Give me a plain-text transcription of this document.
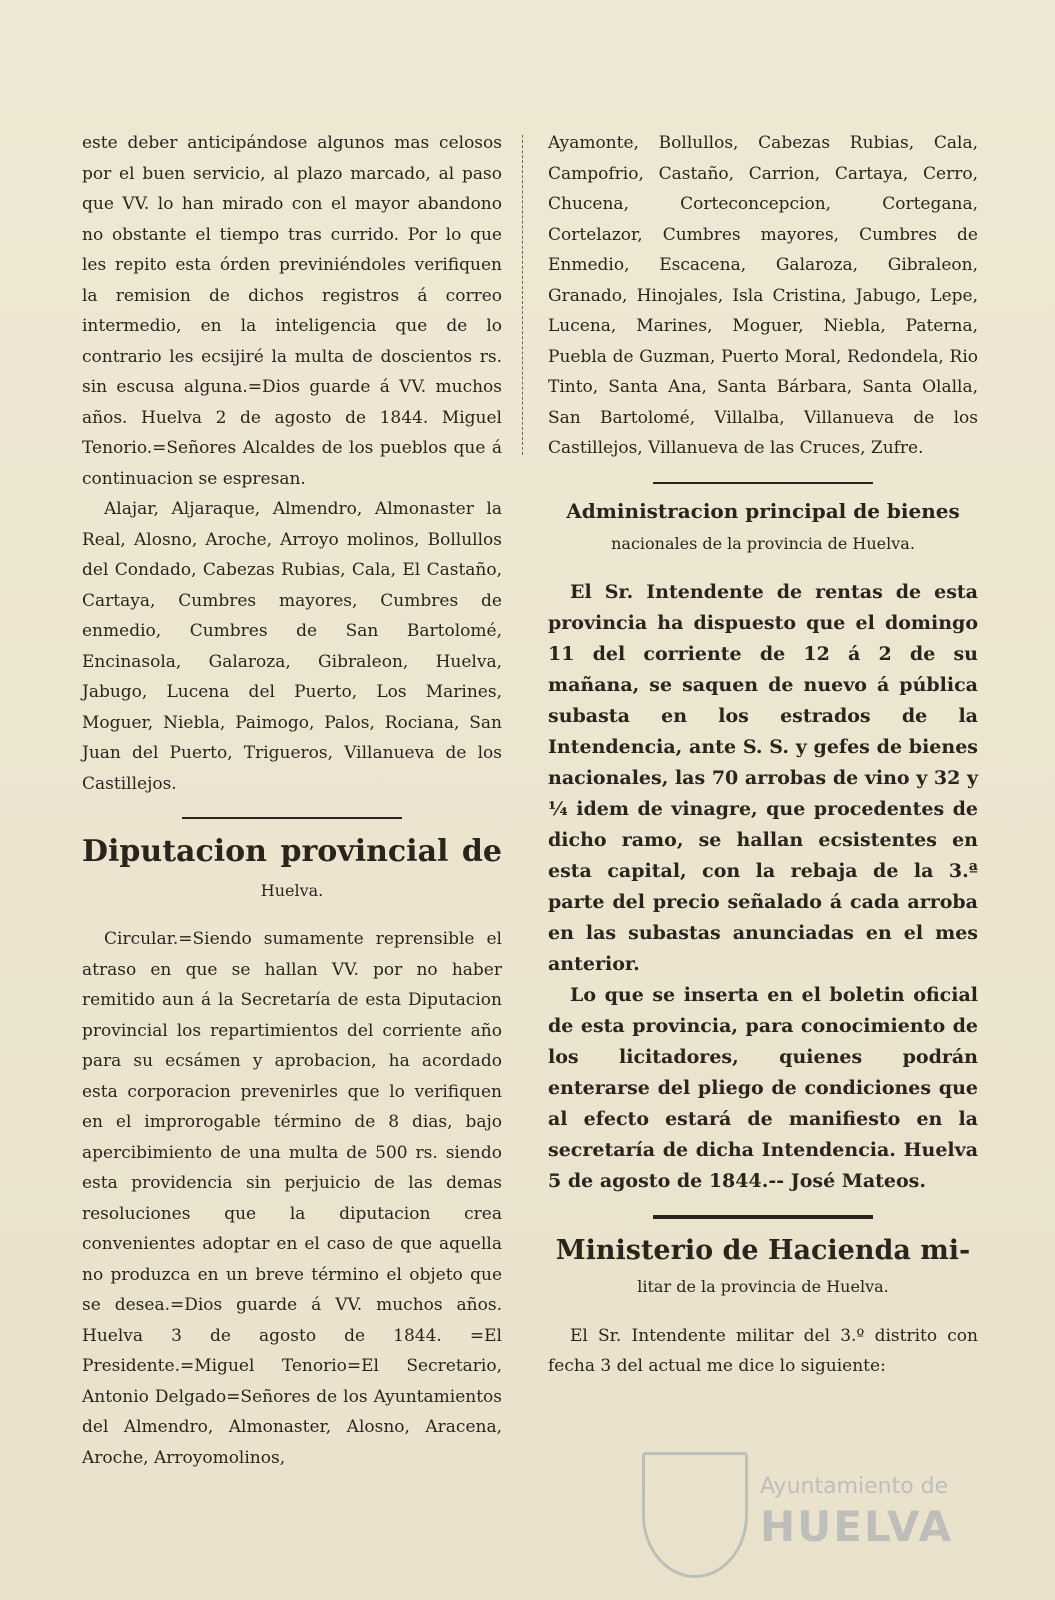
este deber anticipándose algunos mas celosos por el buen servicio, al plazo marcado, al paso que VV. lo han mirado con el mayor abandono no obstante el tiempo tras currido. Por lo que les repito esta órden previniéndoles verifiquen la remision de dichos registros á correo intermedio, en la inteligencia que de lo contrario les ecsijiré la multa de doscientos rs. sin escusa alguna.=Dios guarde á VV. muchos años. Huelva 2 de agosto de 1844. Miguel Tenorio.=Señores Alcaldes de los pueblos que á continuacion se espresan.

Alajar, Aljaraque, Almendro, Almonaster la Real, Alosno, Aroche, Arroyo molinos, Bollullos del Condado, Cabezas Rubias, Cala, El Castaño, Cartaya, Cumbres mayores, Cumbres de enmedio, Cumbres de San Bartolomé, Encinasola, Galaroza, Gibraleon, Huelva, Jabugo, Lucena del Puerto, Los Marines, Moguer, Niebla, Paimogo, Palos, Rociana, San Juan del Puerto, Trigueros, Villanueva de los Castillejos.

Diputacion provincial de
Huelva.

Circular.=Siendo sumamente reprensible el atraso en que se hallan VV. por no haber remitido aun á la Secretaría de esta Diputacion provincial los repartimientos del corriente año para su ecsámen y aprobacion, ha acordado esta corporacion prevenirles que lo verifiquen en el improrogable término de 8 dias, bajo apercibimiento de una multa de 500 rs. siendo esta providencia sin perjuicio de las demas resoluciones que la diputacion crea convenientes adoptar en el caso de que aquella no produzca en un breve término el objeto que se desea.=Dios guarde á VV. muchos años. Huelva 3 de agosto de 1844. =El Presidente.=Miguel Tenorio=El Secretario, Antonio Delgado=Señores de los Ayuntamientos del Almendro, Almonaster, Alosno, Aracena, Aroche, Arroyomolinos,

Ayamonte, Bollullos, Cabezas Rubias, Cala, Campofrio, Castaño, Carrion, Cartaya, Cerro, Chucena, Corteconcepcion, Cortegana, Cortelazor, Cumbres mayores, Cumbres de Enmedio, Escacena, Galaroza, Gibraleon, Granado, Hinojales, Isla Cristina, Jabugo, Lepe, Lucena, Marines, Moguer, Niebla, Paterna, Puebla de Guzman, Puerto Moral, Redondela, Rio Tinto, Santa Ana, Santa Bárbara, Santa Olalla, San Bartolomé, Villalba, Villanueva de los Castillejos, Villanueva de las Cruces, Zufre.

Administracion principal de bienes
nacionales de la provincia de Huelva.

El Sr. Intendente de rentas de esta provincia ha dispuesto que el domingo 11 del corriente de 12 á 2 de su mañana, se saquen de nuevo á pública subasta en los estrados de la Intendencia, ante S. S. y gefes de bienes nacionales, las 70 arrobas de vino y 32 y ¼ idem de vinagre, que procedentes de dicho ramo, se hallan ecsistentes en esta capital, con la rebaja de la 3.ª parte del precio señalado á cada arroba en las subastas anunciadas en el mes anterior.

Lo que se inserta en el boletin oficial de esta provincia, para conocimiento de los licitadores, quienes podrán enterarse del pliego de condiciones que al efecto estará de manifiesto en la secretaría de dicha Intendencia. Huelva 5 de agosto de 1844.-- José Mateos.

Ministerio de Hacienda mi-
litar de la provincia de Huelva.

El Sr. Intendente militar del 3.º distrito con fecha 3 del actual me dice lo siguiente:

Ayuntamiento de
HUELVA
